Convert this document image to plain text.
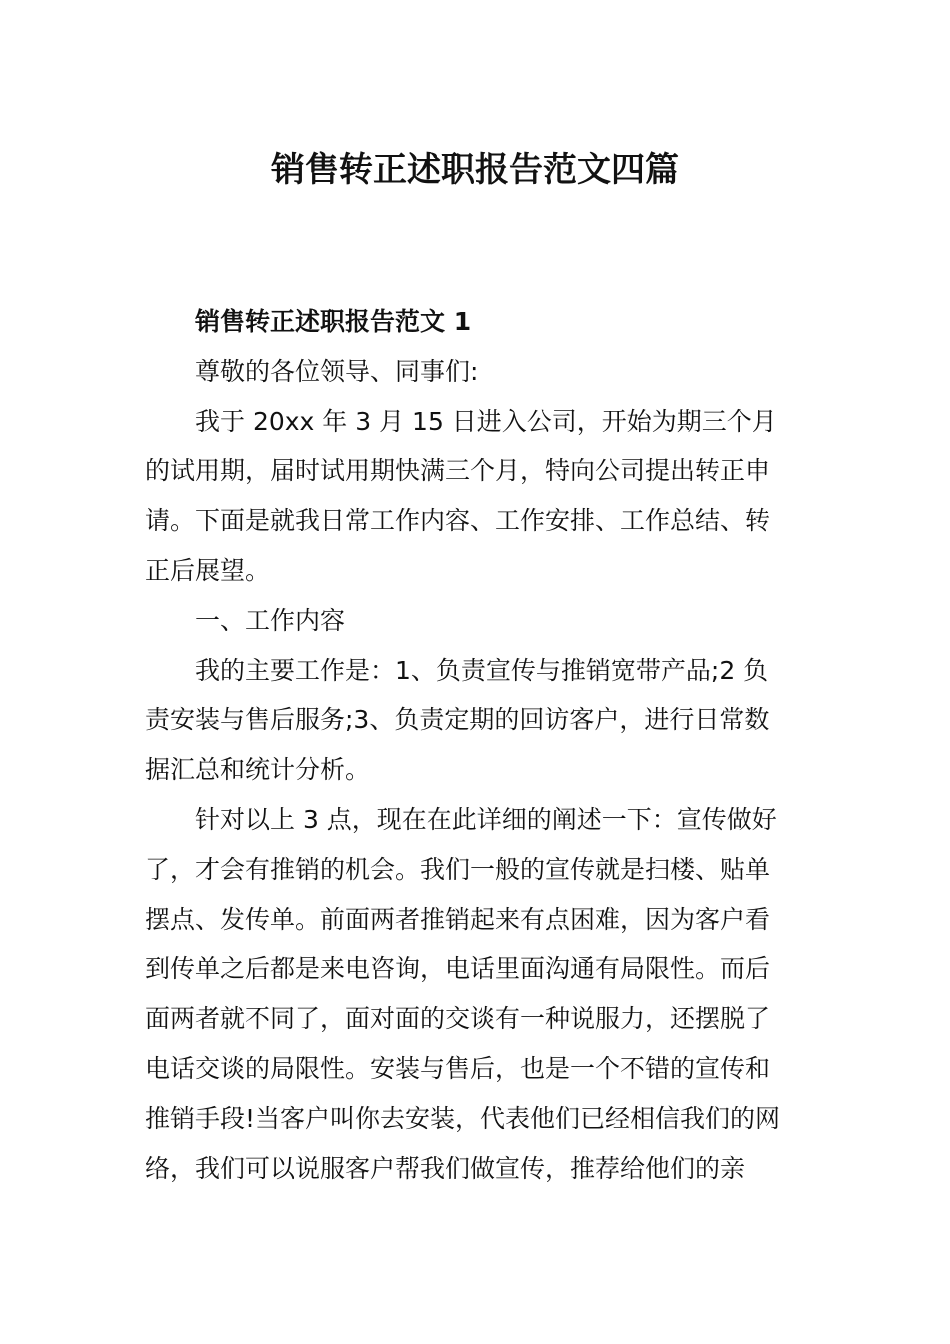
销售转正述职报告范文四篇

销售转正述职报告范文 1

尊敬的各位领导、同事们:

我于 20xx 年 3 月 15 日进入公司，开始为期三个月的试用期，届时试用期快满三个月，特向公司提出转正申请。下面是就我日常工作内容、工作安排、工作总结、转正后展望。

一、工作内容

我的主要工作是：1、负责宣传与推销宽带产品;2 负责安装与售后服务;3、负责定期的回访客户，进行日常数据汇总和统计分析。

针对以上 3 点，现在在此详细的阐述一下：宣传做好了，才会有推销的机会。我们一般的宣传就是扫楼、贴单摆点、发传单。前面两者推销起来有点困难，因为客户看到传单之后都是来电咨询，电话里面沟通有局限性。而后面两者就不同了，面对面的交谈有一种说服力，还摆脱了电话交谈的局限性。安装与售后，也是一个不错的宣传和推销手段!当客户叫你去安装，代表他们已经相信我们的网络，我们可以说服客户帮我们做宣传，推荐给他们的亲
